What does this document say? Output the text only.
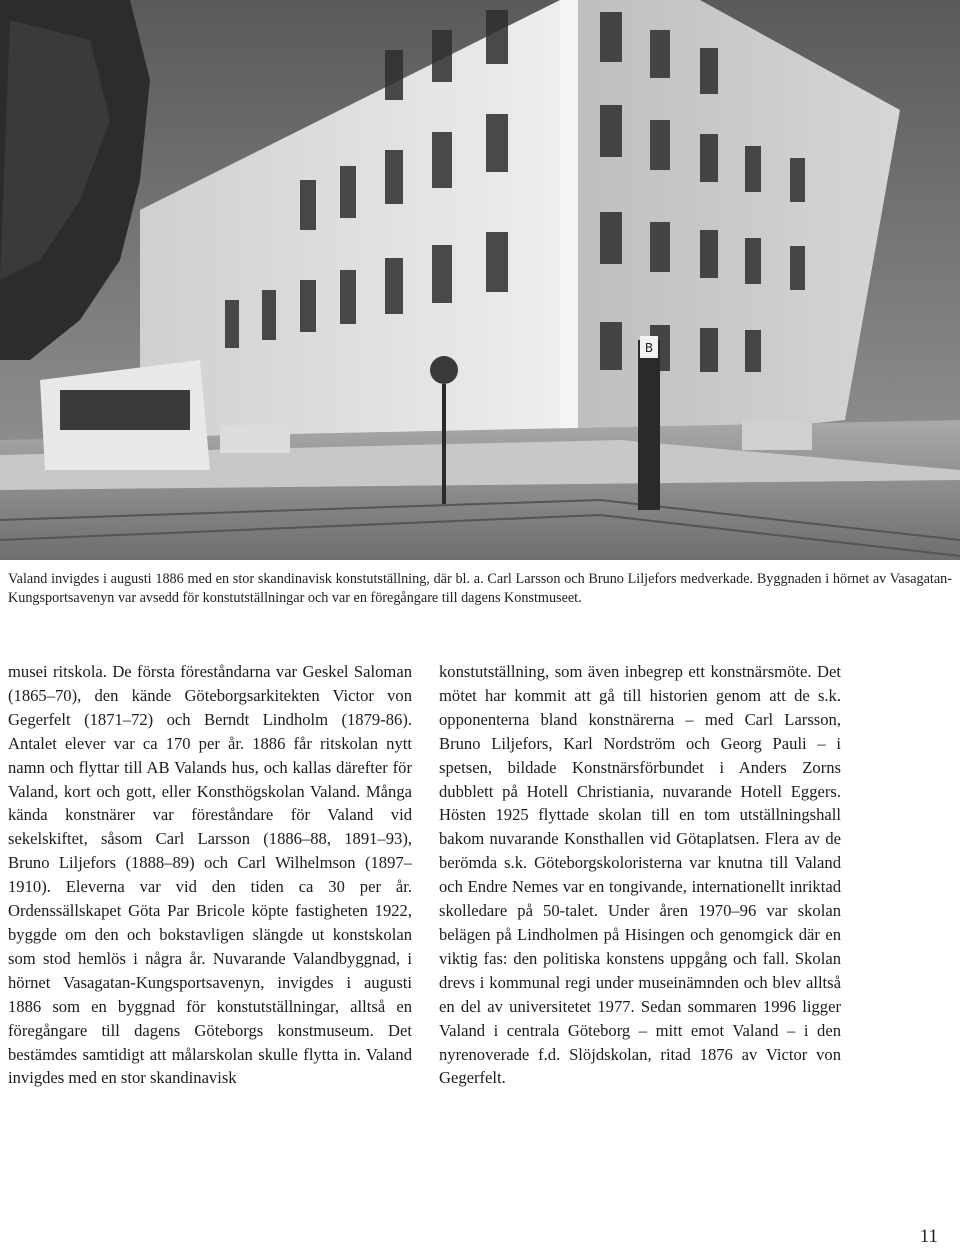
B
Valand invigdes i augusti 1886 med en stor skandinavisk konstutställning, där bl. a. Carl Larsson och Bruno Liljefors medverkade. Byggnaden i hörnet av Vasagatan-Kungsportsavenyn var avsedd för konstutställningar och var en föregångare till dagens Konstmuseet.

musei ritskola. De första föreståndarna var Geskel Saloman (1865–70), den kände Göteborgsarkitekten Victor von Gegerfelt (1871–72) och Berndt Lindholm (1879-86). Antalet elever var ca 170 per år. 1886 får ritskolan nytt namn och flyttar till AB Valands hus, och kallas därefter för Valand, kort och gott, eller Konsthögskolan Valand. Många kända konstnärer var föreståndare för Valand vid sekelskiftet, såsom Carl Larsson (1886–88, 1891–93), Bruno Liljefors (1888–89) och Carl Wilhelmson (1897–1910). Eleverna var vid den tiden ca 30 per år. Ordenssällskapet Göta Par Bricole köpte fastigheten 1922, byggde om den och bokstavligen slängde ut konstskolan som stod hemlös i några år. Nuvarande Valandbyggnad, i hörnet Vasagatan-Kungsportsavenyn, invigdes i augusti 1886 som en byggnad för konstutställningar, alltså en föregångare till dagens Göteborgs konstmuseum. Det bestämdes samtidigt att målarskolan skulle flytta in. Valand invigdes med en stor skandinavisk

konstutställning, som även inbegrep ett konstnärsmöte. Det mötet har kommit att gå till historien genom att de s.k. opponenterna bland konstnärerna – med Carl Larsson, Bruno Liljefors, Karl Nordström och Georg Pauli – i spetsen, bildade Konstnärsförbundet i Anders Zorns dubblett på Hotell Christiania, nuvarande Hotell Eggers. Hösten 1925 flyttade skolan till en tom utställningshall bakom nuvarande Konsthallen vid Götaplatsen. Flera av de berömda s.k. Göteborgskoloristerna var knutna till Valand och Endre Nemes var en tongivande, internationellt inriktad skolledare på 50-talet. Under åren 1970–96 var skolan belägen på Lindholmen på Hisingen och genomgick där en viktig fas: den politiska konstens uppgång och fall. Skolan drevs i kommunal regi under museinämnden och blev alltså en del av universitetet 1977. Sedan sommaren 1996 ligger Valand i centrala Göteborg – mitt emot Valand – i den nyrenoverade f.d. Slöjdskolan, ritad 1876 av Victor von Gegerfelt.

11
